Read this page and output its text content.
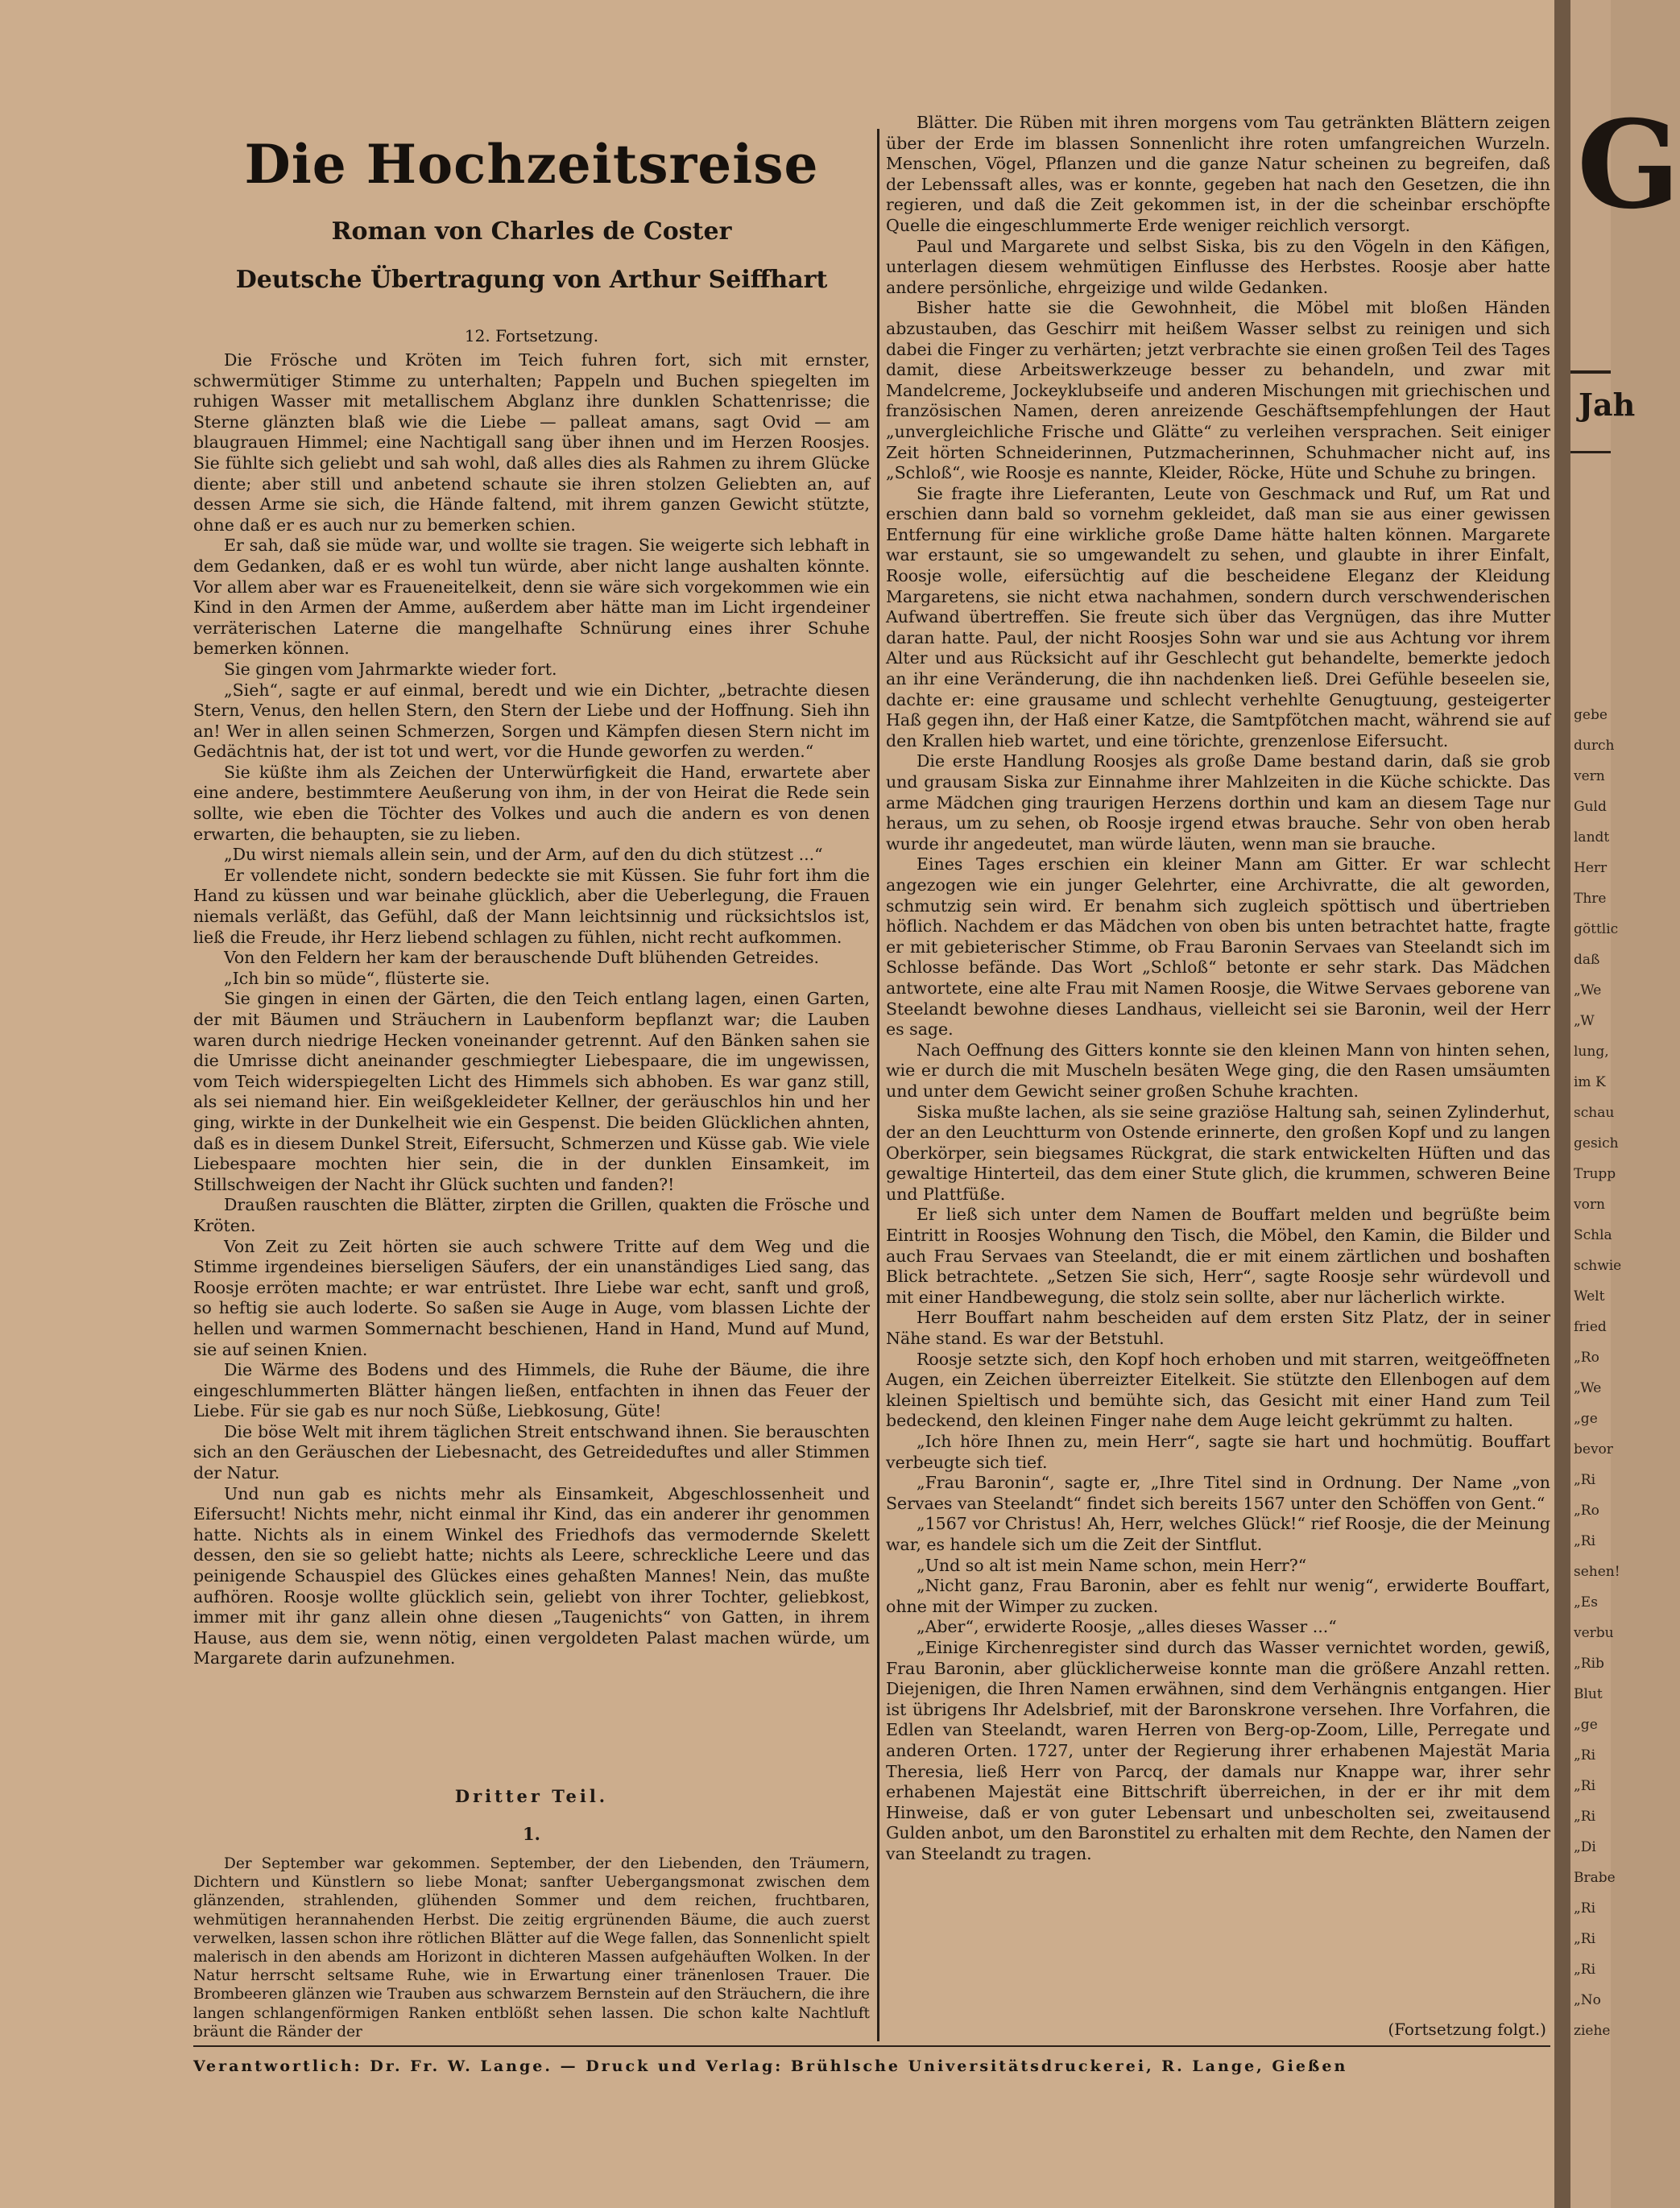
Die Hochzeitsreise
Roman von Charles de Coster
Deutsche Übertragung von Arthur Seiffhart
12. Fortsetzung.

Die Frösche und Kröten im Teich fuhren fort, sich mit ernster, schwermütiger Stimme zu unterhalten; Pappeln und Buchen spiegelten im ruhigen Wasser mit metallischem Abglanz ihre dunklen Schattenrisse; die Sterne glänzten blaß wie die Liebe — palleat amans, sagt Ovid — am blaugrauen Himmel; eine Nachtigall sang über ihnen und im Herzen Roosjes. Sie fühlte sich geliebt und sah wohl, daß alles dies als Rahmen zu ihrem Glücke diente; aber still und anbetend schaute sie ihren stolzen Geliebten an, auf dessen Arme sie sich, die Hände faltend, mit ihrem ganzen Gewicht stützte, ohne daß er es auch nur zu bemerken schien.

Er sah, daß sie müde war, und wollte sie tragen. Sie weigerte sich lebhaft in dem Gedanken, daß er es wohl tun würde, aber nicht lange aushalten könnte. Vor allem aber war es Fraueneitelkeit, denn sie wäre sich vorgekommen wie ein Kind in den Armen der Amme, außerdem aber hätte man im Licht irgendeiner verräterischen Laterne die mangelhafte Schnürung eines ihrer Schuhe bemerken können.

Sie gingen vom Jahrmarkte wieder fort.

„Sieh“, sagte er auf einmal, beredt und wie ein Dichter, „betrachte diesen Stern, Venus, den hellen Stern, den Stern der Liebe und der Hoffnung. Sieh ihn an! Wer in allen seinen Schmerzen, Sorgen und Kämpfen diesen Stern nicht im Gedächtnis hat, der ist tot und wert, vor die Hunde geworfen zu werden.“

Sie küßte ihm als Zeichen der Unterwürfigkeit die Hand, erwartete aber eine andere, bestimmtere Aeußerung von ihm, in der von Heirat die Rede sein sollte, wie eben die Töchter des Volkes und auch die andern es von denen erwarten, die behaupten, sie zu lieben.

„Du wirst niemals allein sein, und der Arm, auf den du dich stützest ...“

Er vollendete nicht, sondern bedeckte sie mit Küssen. Sie fuhr fort ihm die Hand zu küssen und war beinahe glücklich, aber die Ueberlegung, die Frauen niemals verläßt, das Gefühl, daß der Mann leichtsinnig und rücksichtslos ist, ließ die Freude, ihr Herz liebend schlagen zu fühlen, nicht recht aufkommen.

Von den Feldern her kam der berauschende Duft blühenden Getreides.

„Ich bin so müde“, flüsterte sie.

Sie gingen in einen der Gärten, die den Teich entlang lagen, einen Garten, der mit Bäumen und Sträuchern in Laubenform bepflanzt war; die Lauben waren durch niedrige Hecken voneinander getrennt. Auf den Bänken sahen sie die Umrisse dicht aneinander geschmiegter Liebespaare, die im ungewissen, vom Teich widerspiegelten Licht des Himmels sich abhoben. Es war ganz still, als sei niemand hier. Ein weißgekleideter Kellner, der geräuschlos hin und her ging, wirkte in der Dunkelheit wie ein Gespenst. Die beiden Glücklichen ahnten, daß es in diesem Dunkel Streit, Eifersucht, Schmerzen und Küsse gab. Wie viele Liebespaare mochten hier sein, die in der dunklen Einsamkeit, im Stillschweigen der Nacht ihr Glück suchten und fanden?!

Draußen rauschten die Blätter, zirpten die Grillen, quakten die Frösche und Kröten.

Von Zeit zu Zeit hörten sie auch schwere Tritte auf dem Weg und die Stimme irgendeines bierseligen Säufers, der ein unanständiges Lied sang, das Roosje erröten machte; er war entrüstet. Ihre Liebe war echt, sanft und groß, so heftig sie auch loderte. So saßen sie Auge in Auge, vom blassen Lichte der hellen und warmen Sommernacht beschienen, Hand in Hand, Mund auf Mund, sie auf seinen Knien.

Die Wärme des Bodens und des Himmels, die Ruhe der Bäume, die ihre eingeschlummerten Blätter hängen ließen, entfachten in ihnen das Feuer der Liebe. Für sie gab es nur noch Süße, Liebkosung, Güte!

Die böse Welt mit ihrem täglichen Streit entschwand ihnen. Sie berauschten sich an den Geräuschen der Liebesnacht, des Getreideduftes und aller Stimmen der Natur.

Und nun gab es nichts mehr als Einsamkeit, Abgeschlossenheit und Eifersucht! Nichts mehr, nicht einmal ihr Kind, das ein anderer ihr genommen hatte. Nichts als in einem Winkel des Friedhofs das vermodernde Skelett dessen, den sie so geliebt hatte; nichts als Leere, schreckliche Leere und das peinigende Schauspiel des Glückes eines gehaßten Mannes! Nein, das mußte aufhören. Roosje wollte glücklich sein, geliebt von ihrer Tochter, geliebkost, immer mit ihr ganz allein ohne diesen „Taugenichts“ von Gatten, in ihrem Hause, aus dem sie, wenn nötig, einen vergoldeten Palast machen würde, um Margarete darin aufzunehmen.

Dritter Teil.
1.

Der September war gekommen. September, der den Liebenden, den Träumern, Dichtern und Künstlern so liebe Monat; sanfter Uebergangsmonat zwischen dem glänzenden, strahlenden, glühenden Sommer und dem reichen, fruchtbaren, wehmütigen herannahenden Herbst. Die zeitig ergrünenden Bäume, die auch zuerst verwelken, lassen schon ihre rötlichen Blätter auf die Wege fallen, das Sonnenlicht spielt malerisch in den abends am Horizont in dichteren Massen aufgehäuften Wolken. In der Natur herrscht seltsame Ruhe, wie in Erwartung einer tränenlosen Trauer. Die Brombeeren glänzen wie Trauben aus schwarzem Bernstein auf den Sträuchern, die ihre langen schlangenförmigen Ranken entblößt sehen lassen. Die schon kalte Nachtluft bräunt die Ränder der

Blätter. Die Rüben mit ihren morgens vom Tau getränkten Blättern zeigen über der Erde im blassen Sonnenlicht ihre roten umfangreichen Wurzeln. Menschen, Vögel, Pflanzen und die ganze Natur scheinen zu begreifen, daß der Lebenssaft alles, was er konnte, gegeben hat nach den Gesetzen, die ihn regieren, und daß die Zeit gekommen ist, in der die scheinbar erschöpfte Quelle die eingeschlummerte Erde weniger reichlich versorgt.

Paul und Margarete und selbst Siska, bis zu den Vögeln in den Käfigen, unterlagen diesem wehmütigen Einflusse des Herbstes. Roosje aber hatte andere persönliche, ehrgeizige und wilde Gedanken.

Bisher hatte sie die Gewohnheit, die Möbel mit bloßen Händen abzustauben, das Geschirr mit heißem Wasser selbst zu reinigen und sich dabei die Finger zu verhärten; jetzt verbrachte sie einen großen Teil des Tages damit, diese Arbeitswerkzeuge besser zu behandeln, und zwar mit Mandelcreme, Jockeyklubseife und anderen Mischungen mit griechischen und französischen Namen, deren anreizende Geschäftsempfehlungen der Haut „unvergleichliche Frische und Glätte“ zu verleihen versprachen. Seit einiger Zeit hörten Schneiderinnen, Putzmacherinnen, Schuhmacher nicht auf, ins „Schloß“, wie Roosje es nannte, Kleider, Röcke, Hüte und Schuhe zu bringen.

Sie fragte ihre Lieferanten, Leute von Geschmack und Ruf, um Rat und erschien dann bald so vornehm gekleidet, daß man sie aus einer gewissen Entfernung für eine wirkliche große Dame hätte halten können. Margarete war erstaunt, sie so umgewandelt zu sehen, und glaubte in ihrer Einfalt, Roosje wolle, eifersüchtig auf die bescheidene Eleganz der Kleidung Margaretens, sie nicht etwa nachahmen, sondern durch verschwenderischen Aufwand übertreffen. Sie freute sich über das Vergnügen, das ihre Mutter daran hatte. Paul, der nicht Roosjes Sohn war und sie aus Achtung vor ihrem Alter und aus Rücksicht auf ihr Geschlecht gut behandelte, bemerkte jedoch an ihr eine Veränderung, die ihn nachdenken ließ. Drei Gefühle beseelen sie, dachte er: eine grausame und schlecht verhehlte Genugtuung, gesteigerter Haß gegen ihn, der Haß einer Katze, die Samtpfötchen macht, während sie auf den Krallen hieb wartet, und eine törichte, grenzenlose Eifersucht.

Die erste Handlung Roosjes als große Dame bestand darin, daß sie grob und grausam Siska zur Einnahme ihrer Mahlzeiten in die Küche schickte. Das arme Mädchen ging traurigen Herzens dorthin und kam an diesem Tage nur heraus, um zu sehen, ob Roosje irgend etwas brauche. Sehr von oben herab wurde ihr angedeutet, man würde läuten, wenn man sie brauche.

Eines Tages erschien ein kleiner Mann am Gitter. Er war schlecht angezogen wie ein junger Gelehrter, eine Archivratte, die alt geworden, schmutzig sein wird. Er benahm sich zugleich spöttisch und übertrieben höflich. Nachdem er das Mädchen von oben bis unten betrachtet hatte, fragte er mit gebieterischer Stimme, ob Frau Baronin Servaes van Steelandt sich im Schlosse befände. Das Wort „Schloß“ betonte er sehr stark. Das Mädchen antwortete, eine alte Frau mit Namen Roosje, die Witwe Servaes geborene van Steelandt bewohne dieses Landhaus, vielleicht sei sie Baronin, weil der Herr es sage.

Nach Oeffnung des Gitters konnte sie den kleinen Mann von hinten sehen, wie er durch die mit Muscheln besäten Wege ging, die den Rasen umsäumten und unter dem Gewicht seiner großen Schuhe krachten.

Siska mußte lachen, als sie seine graziöse Haltung sah, seinen Zylinderhut, der an den Leuchtturm von Ostende erinnerte, den großen Kopf und zu langen Oberkörper, sein biegsames Rückgrat, die stark entwickelten Hüften und das gewaltige Hinterteil, das dem einer Stute glich, die krummen, schweren Beine und Plattfüße.

Er ließ sich unter dem Namen de Bouffart melden und begrüßte beim Eintritt in Roosjes Wohnung den Tisch, die Möbel, den Kamin, die Bilder und auch Frau Servaes van Steelandt, die er mit einem zärtlichen und boshaften Blick betrachtete. „Setzen Sie sich, Herr“, sagte Roosje sehr würdevoll und mit einer Handbewegung, die stolz sein sollte, aber nur lächerlich wirkte.

Herr Bouffart nahm bescheiden auf dem ersten Sitz Platz, der in seiner Nähe stand. Es war der Betstuhl.

Roosje setzte sich, den Kopf hoch erhoben und mit starren, weitgeöffneten Augen, ein Zeichen überreizter Eitelkeit. Sie stützte den Ellenbogen auf dem kleinen Spieltisch und bemühte sich, das Gesicht mit einer Hand zum Teil bedeckend, den kleinen Finger nahe dem Auge leicht gekrümmt zu halten.

„Ich höre Ihnen zu, mein Herr“, sagte sie hart und hochmütig. Bouffart verbeugte sich tief.

„Frau Baronin“, sagte er, „Ihre Titel sind in Ordnung. Der Name „von Servaes van Steelandt“ findet sich bereits 1567 unter den Schöffen von Gent.“

„1567 vor Christus! Ah, Herr, welches Glück!“ rief Roosje, die der Meinung war, es handele sich um die Zeit der Sintflut.

„Und so alt ist mein Name schon, mein Herr?“

„Nicht ganz, Frau Baronin, aber es fehlt nur wenig“, erwiderte Bouffart, ohne mit der Wimper zu zucken.

„Aber“, erwiderte Roosje, „alles dieses Wasser ...“

„Einige Kirchenregister sind durch das Wasser vernichtet worden, gewiß, Frau Baronin, aber glücklicherweise konnte man die größere Anzahl retten. Diejenigen, die Ihren Namen erwähnen, sind dem Verhängnis entgangen. Hier ist übrigens Ihr Adelsbrief, mit der Baronskrone versehen. Ihre Vorfahren, die Edlen van Steelandt, waren Herren von Berg-op-Zoom, Lille, Perregate und anderen Orten. 1727, unter der Regierung ihrer erhabenen Majestät Maria Theresia, ließ Herr von Parcq, der damals nur Knappe war, ihrer sehr erhabenen Majestät eine Bittschrift überreichen, in der er ihr mit dem Hinweise, daß er von guter Lebensart und unbescholten sei, zweitausend Gulden anbot, um den Baronstitel zu erhalten mit dem Rechte, den Namen der van Steelandt zu tragen.

(Fortsetzung folgt.)
Verantwortlich: Dr. Fr. W. Lange. — Druck und Verlag: Brühlsche Universitätsdruckerei, R. Lange, Gießen
G
Jah
gebe
durch
vern
Guld
landt
Herr
Thre
göttlic
daß
„We
„W
lung,
im K
schau
gesich
Trupp
vorn
Schla
schwie
Welt
fried
„Ro
„We
„ge
bevor
„Ri
„Ro
„Ri
sehen!
„Es
verbu
„Rib
Blut
„ge
„Ri
„Ri
„Ri
„Di
Brabe
„Ri
„Ri
„Ri
„No
ziehe
